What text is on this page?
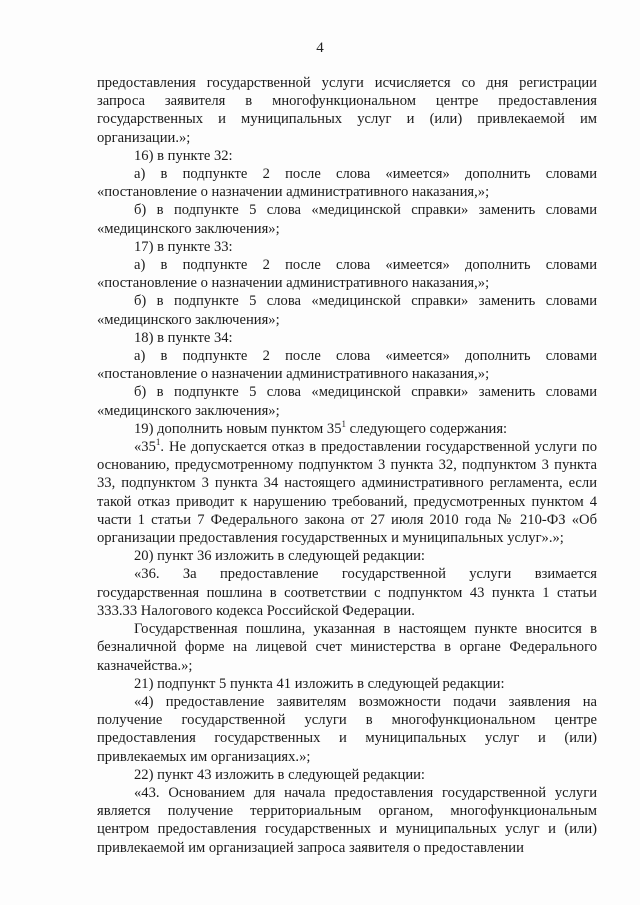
4

предоставления государственной услуги исчисляется со дня регистрации запроса заявителя в многофункциональном центре предоставления государственных и муниципальных услуг и (или) привлекаемой им организации.»;

16) в пункте 32:

а) в подпункте 2 после слова «имеется» дополнить словами «постановление о назначении административного наказания,»;

б) в подпункте 5 слова «медицинской справки» заменить словами «медицинского заключения»;

17) в пункте 33:

а) в подпункте 2 после слова «имеется» дополнить словами «постановление о назначении административного наказания,»;

б) в подпункте 5 слова «медицинской справки» заменить словами «медицинского заключения»;

18) в пункте 34:

а) в подпункте 2 после слова «имеется» дополнить словами «постановление о назначении административного наказания,»;

б) в подпункте 5 слова «медицинской справки» заменить словами «медицинского заключения»;

19) дополнить новым пунктом $35^1$ следующего содержания:

«$35^1$. Не допускается отказ в предоставлении государственной услуги по основанию, предусмотренному подпунктом 3 пункта 32, подпунктом 3 пункта 33, подпунктом 3 пункта 34 настоящего административного регламента, если такой отказ приводит к нарушению требований, предусмотренных пунктом 4 части 1 статьи 7 Федерального закона от 27 июля 2010 года № 210-ФЗ «Об организации предоставления государственных и муниципальных услуг».»;

20) пункт 36 изложить в следующей редакции:

«36. За предоставление государственной услуги взимается государственная пошлина в соответствии с подпунктом 43 пункта 1 статьи 333.33 Налогового кодекса Российской Федерации.

Государственная пошлина, указанная в настоящем пункте вносится в безналичной форме на лицевой счет министерства в органе Федерального казначейства.»;

21) подпункт 5 пункта 41 изложить в следующей редакции:

«4) предоставление заявителям возможности подачи заявления на получение государственной услуги в многофункциональном центре предоставления государственных и муниципальных услуг и (или) привлекаемых им организациях.»;

22) пункт 43 изложить в следующей редакции:

«43. Основанием для начала предоставления государственной услуги является получение территориальным органом, многофункциональным центром предоставления государственных и муниципальных услуг и (или) привлекаемой им организацией запроса заявителя о предоставлении
